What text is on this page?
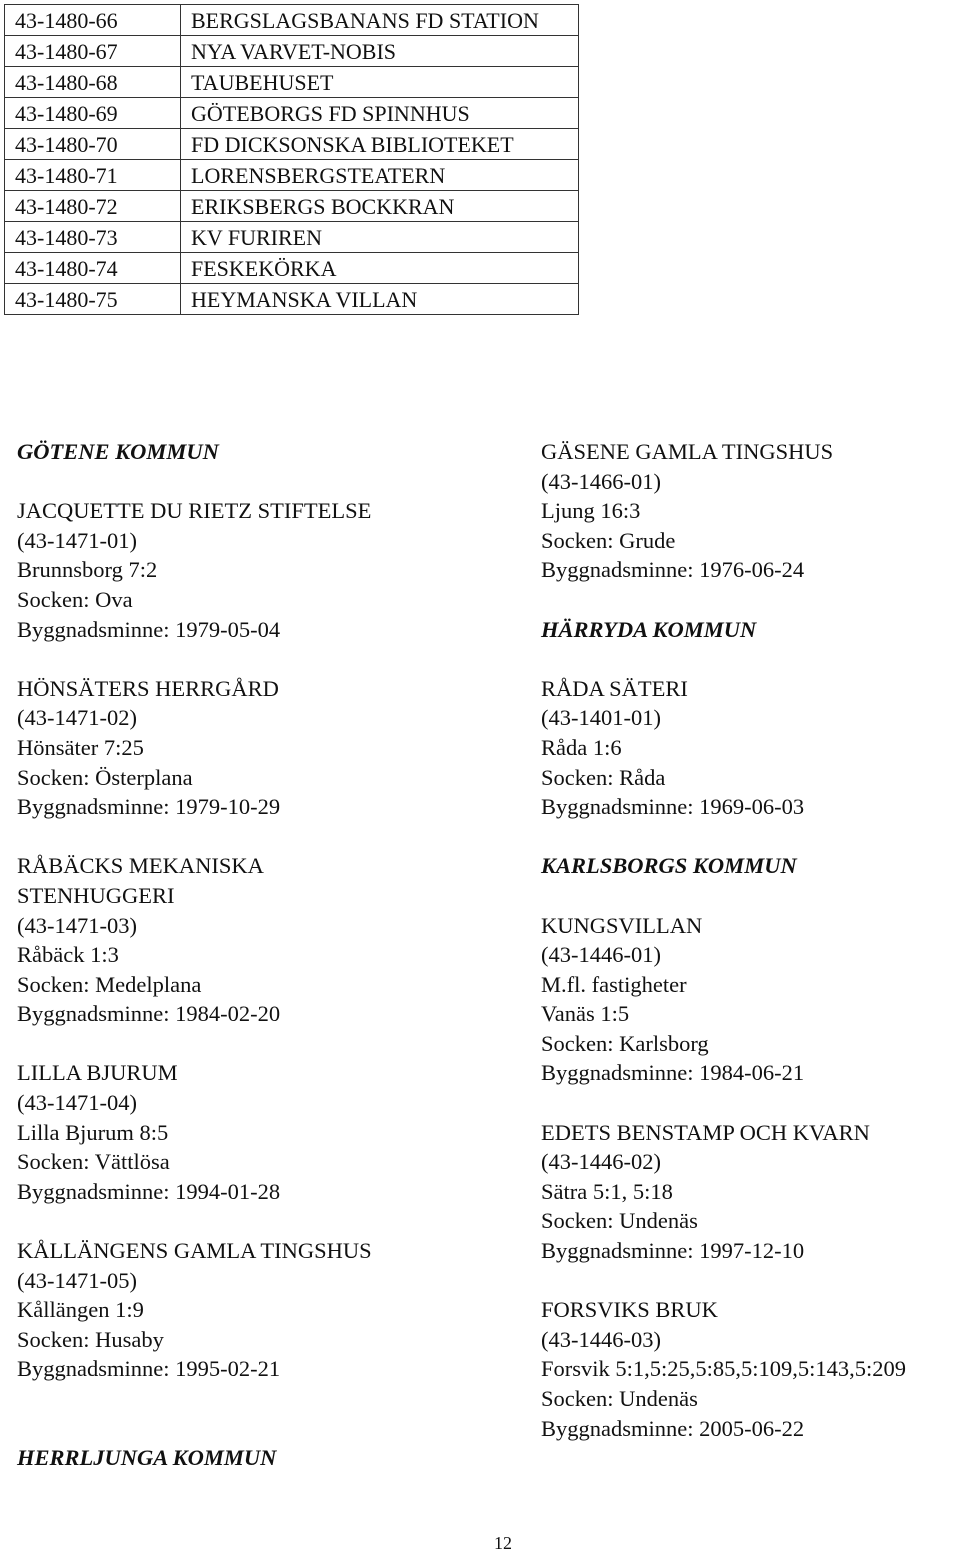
43-1480-66	BERGSLAGSBANANS FD STATION
43-1480-67	NYA VARVET-NOBIS
43-1480-68	TAUBEHUSET
43-1480-69	GÖTEBORGS FD SPINNHUS
43-1480-70	FD DICKSONSKA BIBLIOTEKET
43-1480-71	LORENSBERGSTEATERN
43-1480-72	ERIKSBERGS BOCKKRAN
43-1480-73	KV FURIREN
43-1480-74	FESKEKÖRKA
43-1480-75	HEYMANSKA VILLAN
GÖTENE KOMMUN
JACQUETTE DU RIETZ STIFTELSE
(43-1471-01)
Brunnsborg 7:2
Socken: Ova
Byggnadsminne: 1979-05-04
HÖNSÄTERS HERRGÅRD
(43-1471-02)
Hönsäter 7:25
Socken: Österplana
Byggnadsminne: 1979-10-29
RÅBÄCKS MEKANISKA
STENHUGGERI
(43-1471-03)
Råbäck 1:3
Socken: Medelplana
Byggnadsminne: 1984-02-20
LILLA BJURUM
(43-1471-04)
Lilla Bjurum 8:5
Socken: Vättlösa
Byggnadsminne: 1994-01-28
KÅLLÄNGENS GAMLA TINGSHUS
(43-1471-05)
Kållängen 1:9
Socken: Husaby
Byggnadsminne: 1995-02-21
HERRLJUNGA KOMMUN
GÄSENE GAMLA TINGSHUS
(43-1466-01)
Ljung 16:3
Socken: Grude
Byggnadsminne: 1976-06-24
HÄRRYDA KOMMUN
RÅDA SÄTERI
(43-1401-01)
Råda 1:6
Socken: Råda
Byggnadsminne: 1969-06-03
KARLSBORGS KOMMUN
KUNGSVILLAN
(43-1446-01)
M.fl. fastigheter
Vanäs 1:5
Socken: Karlsborg
Byggnadsminne: 1984-06-21
EDETS BENSTAMP OCH KVARN
(43-1446-02)
Sätra 5:1, 5:18
Socken: Undenäs
Byggnadsminne: 1997-12-10
FORSVIKS BRUK
(43-1446-03)
Forsvik 5:1,5:25,5:85,5:109,5:143,5:209
Socken: Undenäs
Byggnadsminne: 2005-06-22
12
